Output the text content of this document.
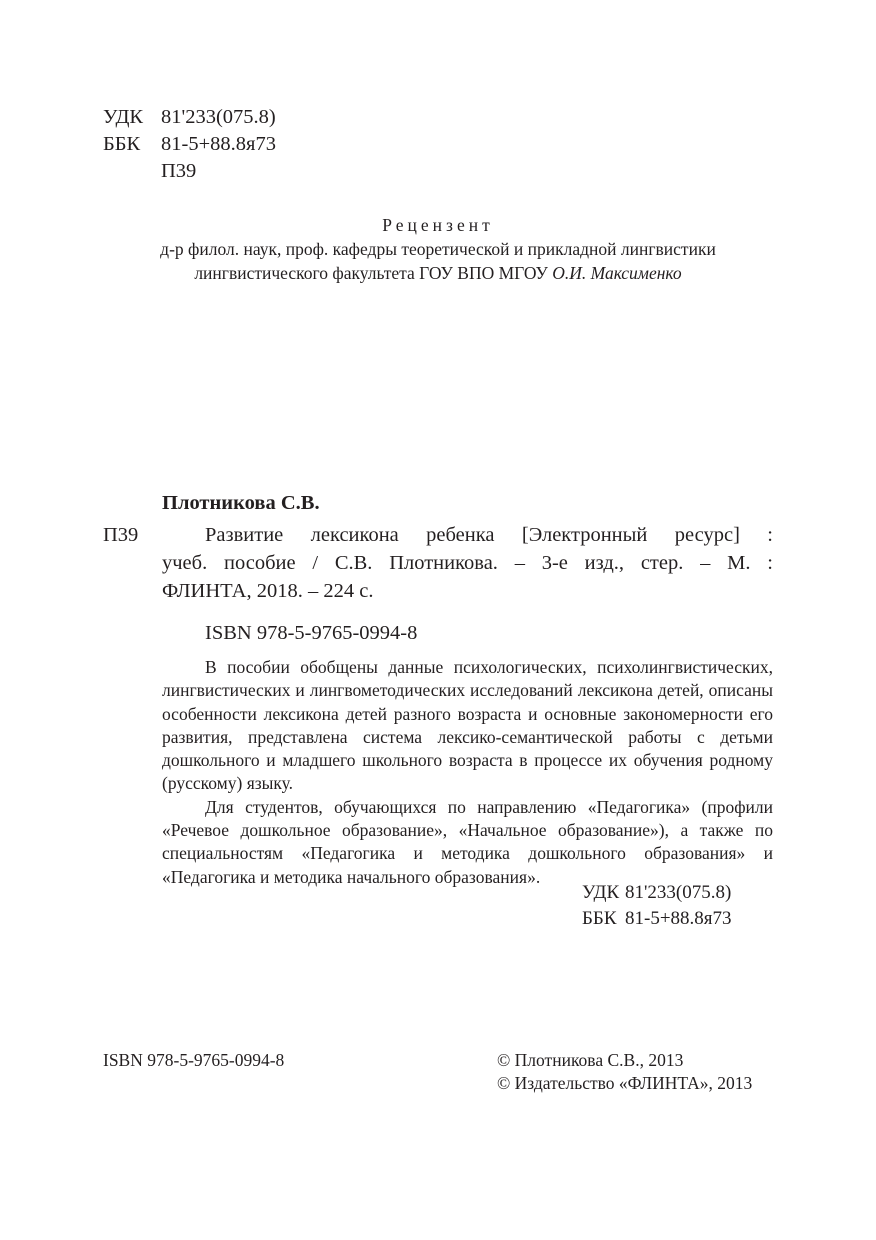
УДК 81'233(075.8)
ББК	81-5+88.8я73
П39
Рецензент
д-р филол. наук, проф. кафедры теоретической и прикладной лингвистики
лингвистического факультета ГОУ ВПО МГОУ О.И. Максименко
Плотникова С.В.
П39	Развитие лексикона ребенка [Электронный ресурс] :

учеб. пособие / С.В. Плотникова. – 3-е изд., стер. – М. :

ФЛИНТА, 2018. – 224 с.

ISBN 978-5-9765-0994-8

В пособии обобщены данные психологических, психолингвистических, лингвистических и лингвометодических исследований лексикона детей, описаны особенности лексикона детей разного возраста и основные закономерности его развития, представлена система лексико-семантической работы с детьми дошкольного и младшего школьного возраста в процессе их обучения родному (русскому) языку.

Для студентов, обучающихся по направлению «Педагогика» (профили «Речевое дошкольное образование», «Начальное образование»), а также по специальностям «Педагогика и методика дошкольного образования» и «Педагогика и методика начального образования».

УДК 81'233(075.8)
ББК 81-5+88.8я73
ISBN 978-5-9765-0994-8	© Плотникова С.В., 2013
© Издательство «ФЛИНТА», 2013
